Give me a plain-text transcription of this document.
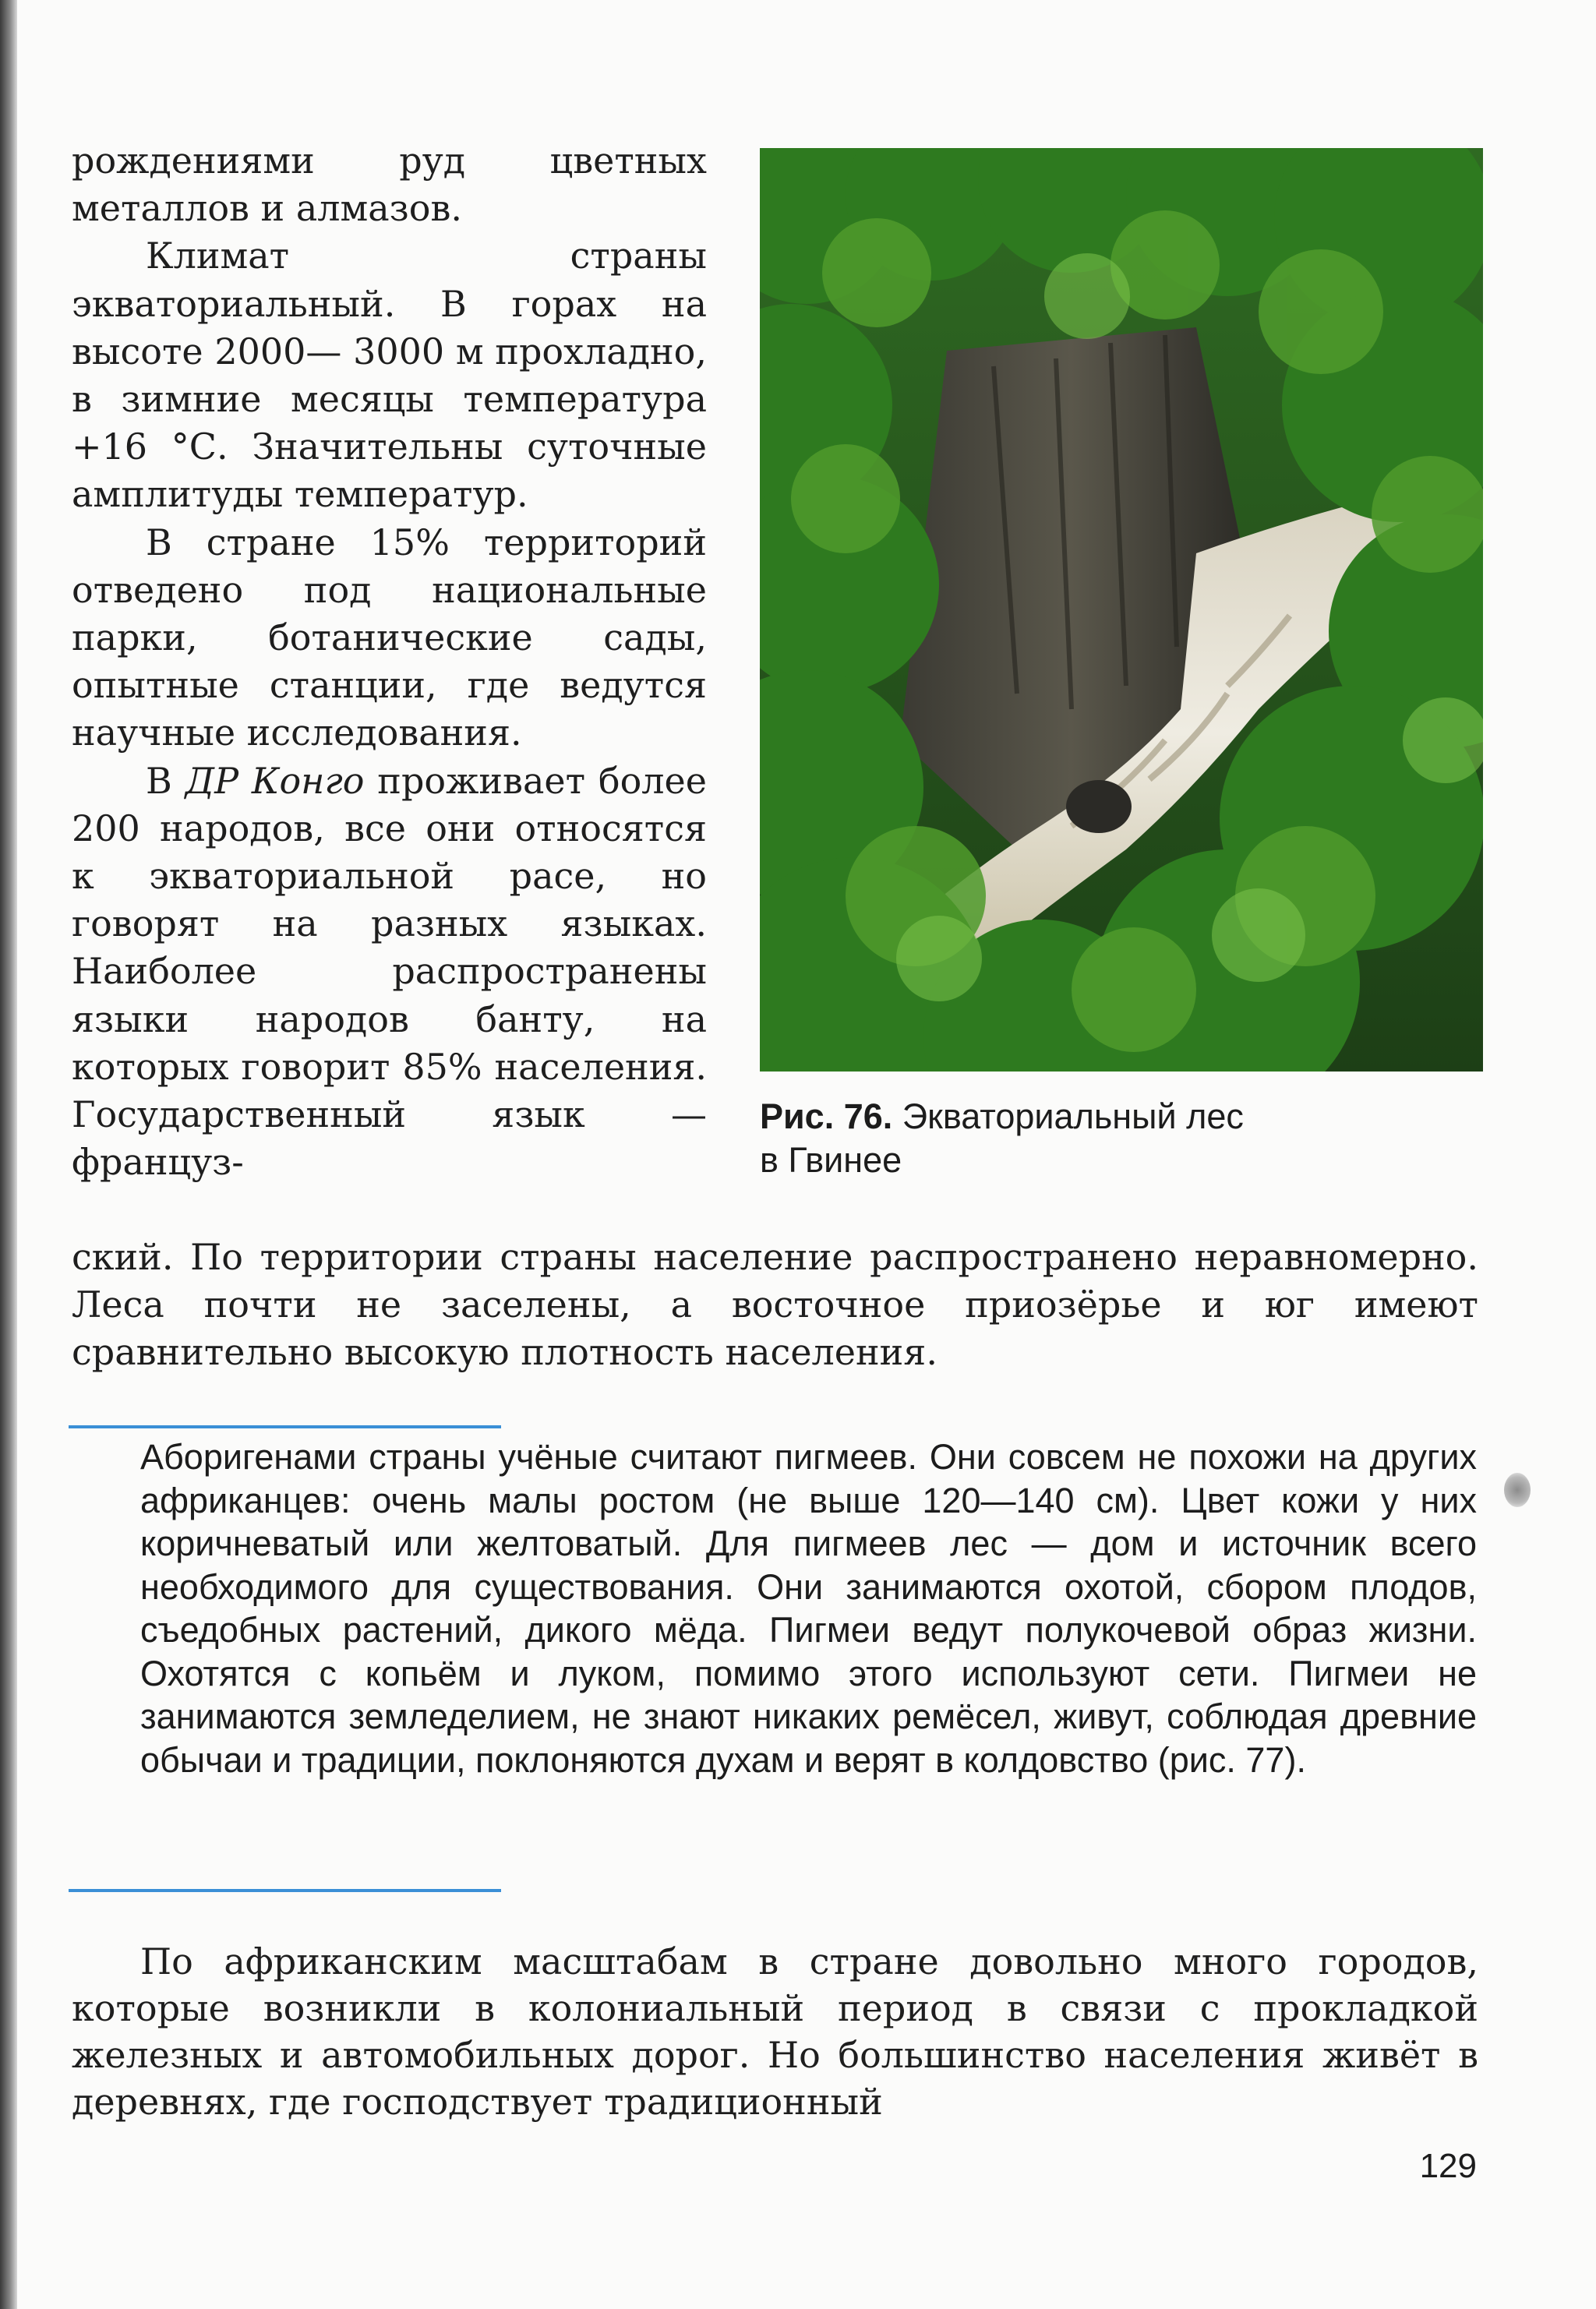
рождениями руд цветных металлов и алмазов.

Климат страны экваториальный. В горах на высоте 2000— 3000 м прохладно, в зимние месяцы температура +16 °С. Значительны суточные амплитуды температур.

В стране 15% территорий отведено под национальные парки, ботанические сады, опытные станции, где ведутся научные исследования.

В ДР Конго проживает более 200 народов, все они относятся к экваториальной расе, но говорят на разных языках. Наиболее распространены языки народов банту, на которых говорит 85% населения. Государственный язык — француз-

Рис. 76. Экваториальный лес
в Гвинее

ский. По территории страны население распространено неравномерно. Леса почти не заселены, а восточное приозёрье и юг имеют сравнительно высокую плотность населения.

Аборигенами страны учёные считают пигмеев. Они совсем не похожи на других африканцев: очень малы ростом (не выше 120—140 см). Цвет кожи у них коричневатый или желтоватый. Для пигмеев лес — дом и источник всего необходимого для существования. Они занимаются охотой, сбором плодов, съедобных растений, дикого мёда. Пигмеи ведут полукочевой образ жизни. Охотятся с копьём и луком, помимо этого используют сети. Пигмеи не занимаются земледелием, не знают никаких ремёсел, живут, соблюдая древние обычаи и традиции, поклоняются духам и верят в колдовство (рис. 77).

По африканским масштабам в стране довольно много городов, которые возникли в колониальный период в связи с прокладкой железных и автомобильных дорог. Но большинство населения живёт в деревнях, где господствует традиционный

129
